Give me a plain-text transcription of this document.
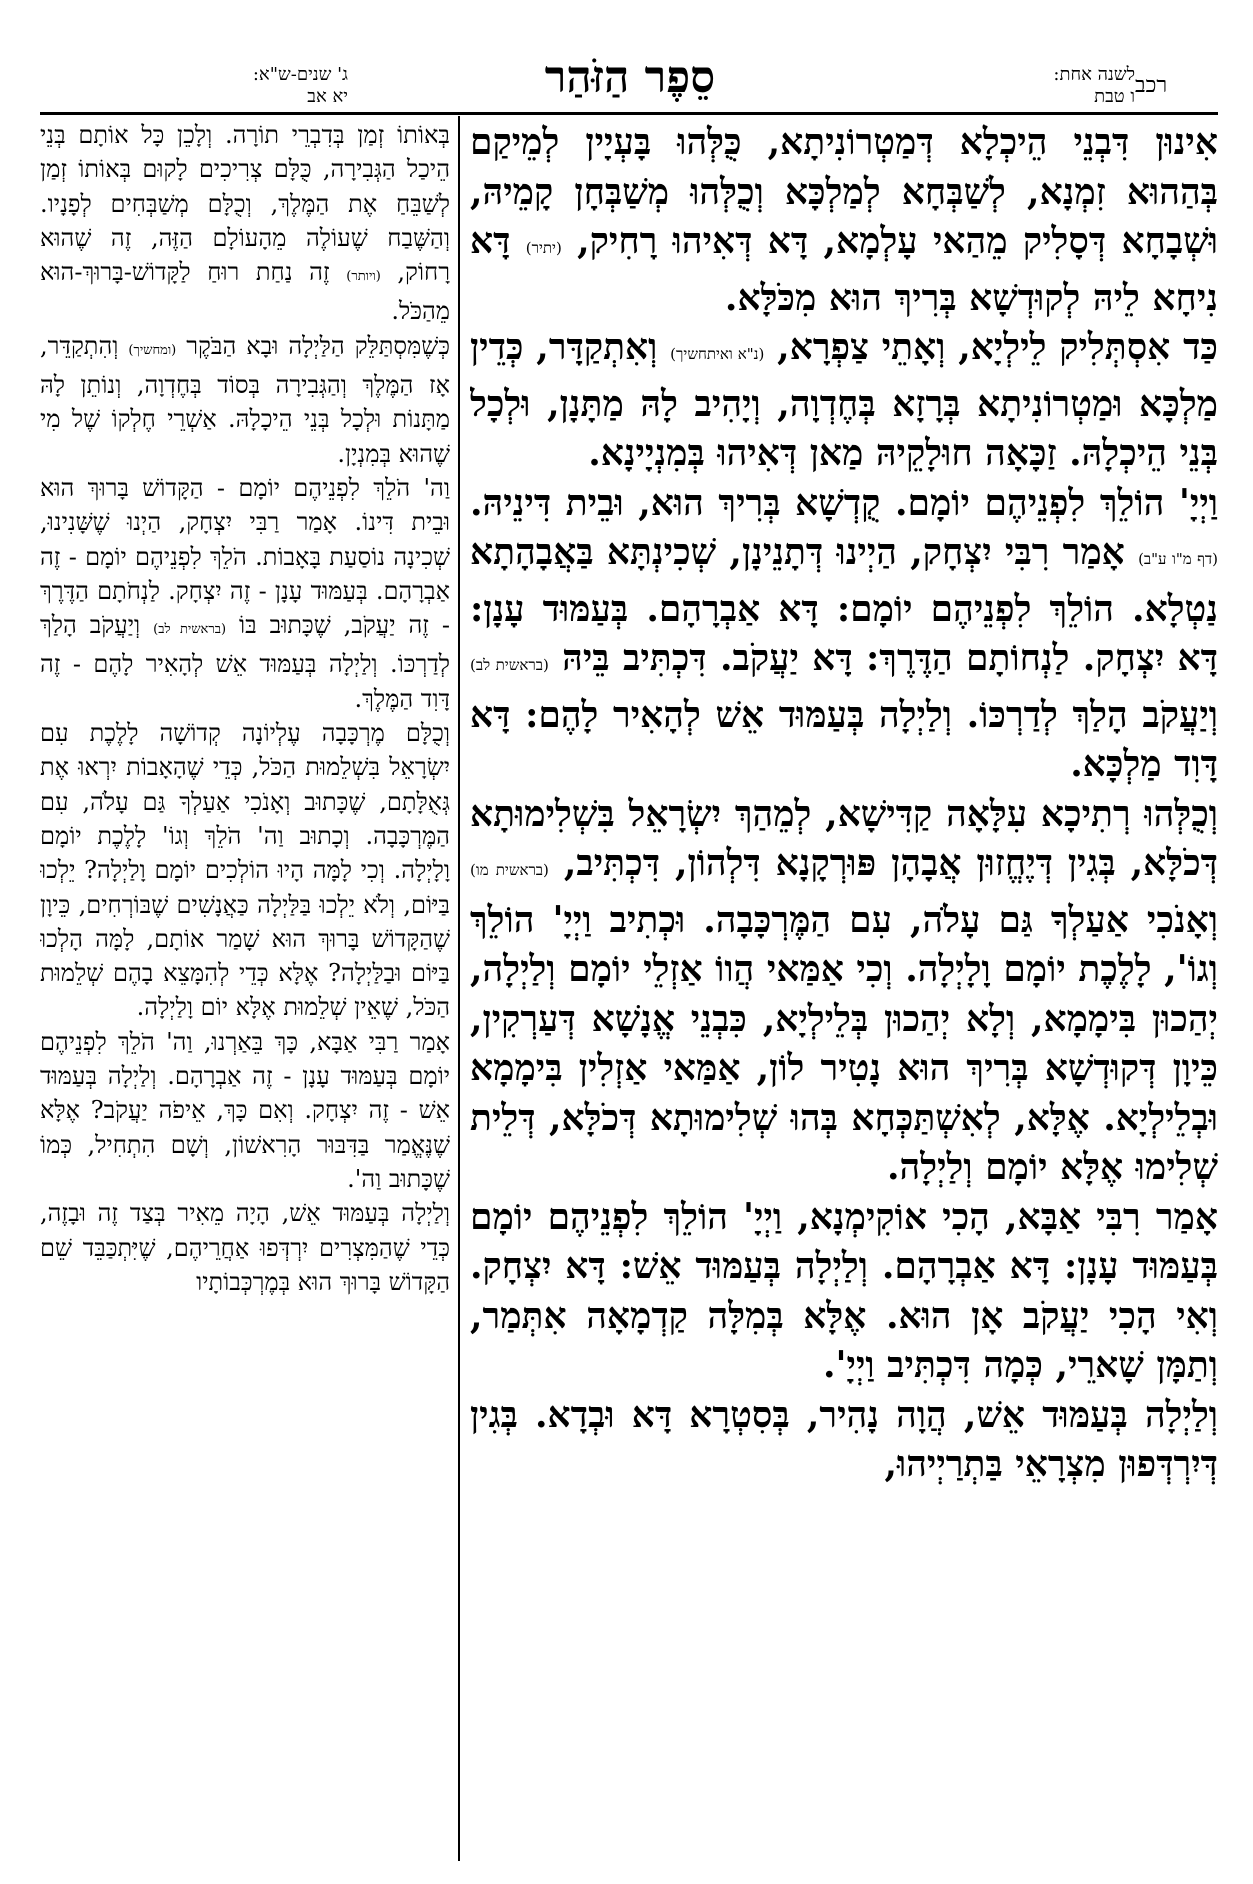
רכב
לשנה אחת:
ו טבת
סֵפֶר הַזֹּהַר
ג' שנים-ש"א:
יא אב

אִינוּן דִּבְנֵי הֵיכְלָא דְּמַטְרוֹנִיתָא, כֻּלְּהוּ בָּעְיָין לְמֵיקַם בְּהַהוּא זִמְנָא, לְשַׁבְּחָא לְמַלְכָּא וְכֻלְּהוּ מְשַׁבְּחָן קָמֵיהּ, וּשְׁבָחָא דְּסָלִיק מֵהַאי עָלְמָא, דָּא דְּאִיהוּ רָחִיק, (יתיר) דָּא נִיחָא לֵיהּ לְקוּדְשָׁא בְּרִיךְ הוּא מִכֹּלָּא.

כַּד אִסְתְּלִיק לֵילְיָא, וְאָתֵי צַפְרָא, (נ"א ואיתחשיך) וְאִתְקַדָּר, כְּדֵין מַלְכָּא וּמַטְרוֹנִיתָא בְּרָזָא בְּחֶדְוָה, וְיָהִיב לָהּ מַתָּנָן, וּלְכָל בְּנֵי הֵיכְלָהּ. זַכָּאָה חוּלָקֵיהּ מַאן דְּאִיהוּ בְּמִנְיָינָא.

וַיְיָ' הוֹלֵךְ לִפְנֵיהֶם יוֹמָם. קֻדְשָׁא בְּרִיךְ הוּא, וּבֵית דִּינֵיהּ. (דף מ"ו ע"ב) אָמַר רִבִּי יִצְחָק, הַיְינוּ דְּתָנֵינָן, שְׁכִינְתָּא בַּאֲבָהָתָא נַטְלָא. הוֹלֵךְ לִפְנֵיהֶם יוֹמָם: דָּא אַבְרָהָם. בְּעַמּוּד עָנָן: דָּא יִצְחָק. לַנְחוֹתָם הַדֶּרֶךְ: דָּא יַעֲקֹב. דִּכְתִּיב בֵּיהּ (בראשית לב) וְיַעֲקֹב הָלַךְ לְדַרְכּוֹ. וְלַיְלָה בְּעַמּוּד אֵשׁ לְהָאִיר לָהֶם: דָּא דָּוִד מַלְכָּא.

וְכֻלְּהוּ רְתִיכָא עִלָּאָה קַדִּישָׁא, לְמֵהַךְ יִשְׂרָאֵל בִּשְׁלִימוּתָא דְּכֹלָּא, בְּגִין דְּיֶחֱזוּן אֲבָהָן פּוּרְקָנָא דִּלְהוֹן, דִּכְתִּיב, (בראשית מו) וְאָנֹכִי אַעַלְךָ גַּם עָלֹה, עִם הַמֶּרְכָּבָה. וּכְתִיב וַיְיָ' הוֹלֵךְ וְגוֹ', לָלֶכֶת יוֹמָם וָלָיְלָה. וְכִי אַמַּאי הֲווֹ אַזְלֵי יוֹמָם וְלַיְלָה, יְהַכוּן בִּימָמָא, וְלָא יְהַכוּן בְּלֵילְיָא, כִּבְנֵי אֱנָשָׁא דְּעַרְקִין, כֵּיוָן דְּקוּדְשָׁא בְּרִיךְ הוּא נָטִיר לוֹן, אַמַּאי אַזְלִין בִּימָמָא וּבְלֵילְיָא. אֶלָּא, לְאִשְׁתַּכְּחָא בְּהוּ שְׁלִימוּתָא דְּכֹלָּא, דְּלֵית שְׁלִימוּ אֶלָּא יוֹמָם וְלַיְלָה.

אָמַר רִבִּי אַבָּא, הָכִי אוֹקִימְנָא, וַיְיָ' הוֹלֵךְ לִפְנֵיהֶם יוֹמָם בְּעַמּוּד עָנָן: דָּא אַבְרָהָם. וְלַיְלָה בְּעַמּוּד אֵשׁ: דָּא יִצְחָק. וְאִי הָכִי יַעֲקֹב אָן הוּא. אֶלָּא בְּמִלָּה קַדְמָאָה אִתְּמַר, וְתַמָּן שָׁארֵי, כְּמָה דִּכְתִּיב וַיְיָ'.

וְלַיְלָה בְּעַמּוּד אֵשׁ, הֲוָה נָהִיר, בְּסִטְרָא דָּא וּבְדָא. בְּגִין דְּיִרְדְּפוּן מִצְרָאֵי בַּתְרַיְיהוּ,

בְּאוֹתוֹ זְמַן בְּדִבְרֵי תוֹרָה. וְלָכֵן כָּל אוֹתָם בְּנֵי הֵיכַל הַגְּבִירָה, כֻּלָּם צְרִיכִים לָקוּם בְּאוֹתוֹ זְמַן לְשַׁבֵּחַ אֶת הַמֶּלֶךְ, וְכֻלָּם מְשַׁבְּחִים לְפָנָיו. וְהַשֶּׁבַח שֶׁעוֹלֶה מֵהָעוֹלָם הַזֶּה, זֶה שֶׁהוּא רָחוֹק, (ויותר) זֶה נַחַת רוּחַ לַקָּדוֹשׁ-בָּרוּךְ-הוּא מֵהַכֹּל.

כְּשֶׁמִּסְתַּלֵּק הַלַּיְלָה וּבָא הַבֹּקֶר (ומחשיך) וְהִתְקַדֵּר, אָז הַמֶּלֶךְ וְהַגְּבִירָה בְּסוֹד בְּחֶדְוָה, וְנוֹתֵן לָהּ מַתָּנוֹת וּלְכָל בְּנֵי הֵיכָלָהּ. אַשְׁרֵי חֶלְקוֹ שֶׁל מִי שֶׁהוּא בְּמִנְיָן.

וַה' הֹלֵךְ לִפְנֵיהֶם יוֹמָם - הַקָּדוֹשׁ בָּרוּךְ הוּא וּבֵית דִּינוֹ. אָמַר רַבִּי יִצְחָק, הַיְנוּ שֶׁשָּׁנִינוּ, שְׁכִינָה נוֹסַעַת בָּאָבוֹת. הֹלֵךְ לִפְנֵיהֶם יוֹמָם - זֶה אַבְרָהָם. בְּעַמּוּד עָנָן - זֶה יִצְחָק. לַנְחֹתָם הַדֶּרֶךְ - זֶה יַעֲקֹב, שֶׁכָּתוּב בּוֹ (בראשית לב) וְיַעֲקֹב הָלַךְ לְדַרְכּוֹ. וְלַיְלָה בְּעַמּוּד אֵשׁ לְהָאִיר לָהֶם - זֶה דָּוִד הַמֶּלֶךְ.

וְכֻלָּם מֶרְכָּבָה עֶלְיוֹנָה קְדוֹשָׁה לָלֶכֶת עִם יִשְׂרָאֵל בִּשְׁלֵמוּת הַכֹּל, כְּדֵי שֶׁהָאָבוֹת יִרְאוּ אֶת גְּאֻלָּתָם, שֶׁכָּתוּב וְאָנֹכִי אַעַלְךָ גַּם עָלֹה, עִם הַמֶּרְכָּבָה. וְכָתוּב וַה' הֹלֵךְ וְגוֹ' לָלֶכֶת יוֹמָם וָלָיְלָה. וְכִי לָמָּה הָיוּ הוֹלְכִים יוֹמָם וָלַיְלָה? יֵלְכוּ בַּיּוֹם, וְלֹא יֵלְכוּ בַּלַּיְלָה כַּאֲנָשִׁים שֶׁבּוֹרְחִים, כֵּיוָן שֶׁהַקָּדוֹשׁ בָּרוּךְ הוּא שָׁמַר אוֹתָם, לָמָּה הָלְכוּ בַּיּוֹם וּבַלַּיְלָה? אֶלָּא כְּדֵי לְהִמָּצֵא בָהֶם שְׁלֵמוּת הַכֹּל, שֶׁאֵין שְׁלֵמוּת אֶלָּא יוֹם וָלַיְלָה.

אָמַר רַבִּי אַבָּא, כָּךְ בֵּאַרְנוּ, וַה' הֹלֵךְ לִפְנֵיהֶם יוֹמָם בְּעַמּוּד עָנָן - זֶה אַבְרָהָם. וְלַיְלָה בְּעַמּוּד אֵשׁ - זֶה יִצְחָק. וְאִם כָּךְ, אֵיפֹה יַעֲקֹב? אֶלָּא שֶׁנֶּאֱמַר בַּדִּבּוּר הָרִאשׁוֹן, וְשָׁם הִתְחִיל, כְּמוֹ שֶׁכָּתוּב וַה'.

וְלַיְלָה בְּעַמּוּד אֵשׁ, הָיָה מֵאִיר בְּצַד זֶה וּבָזֶה, כְּדֵי שֶׁהַמִּצְרִים יִרְדְּפוּ אַחֲרֵיהֶם, שֶׁיִּתְכַּבֵּד שֵׁם הַקָּדוֹשׁ בָּרוּךְ הוּא בְּמֶרְכְּבוֹתָיו
